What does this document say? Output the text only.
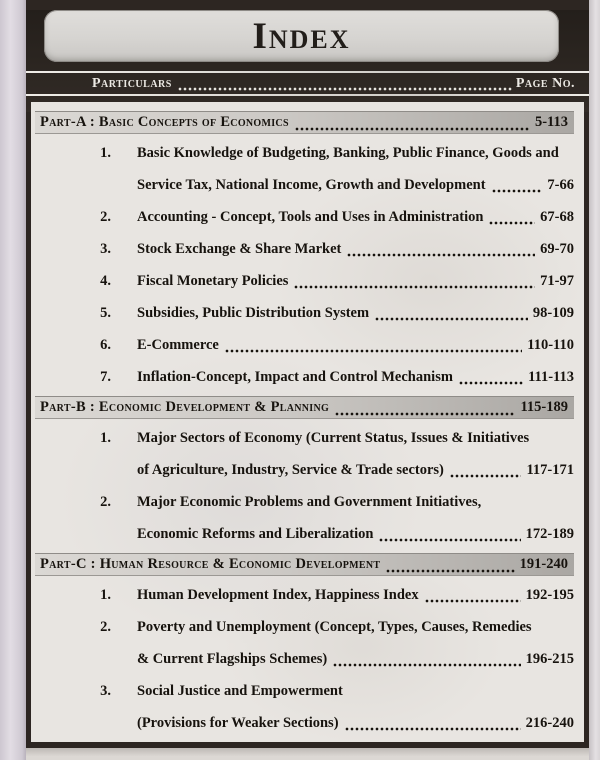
Index
Particulars	Page No.
Part-A : Basic Concepts of Economics	5-113
1. Basic Knowledge of Budgeting, Banking, Public Finance, Goods and
Service Tax, National Income, Growth and Development	7-66
2. Accounting - Concept, Tools and Uses in Administration	67-68
3. Stock Exchange & Share Market	69-70
4. Fiscal Monetary Policies	71-97
5. Subsidies, Public Distribution System	98-109
6. E-Commerce	110-110
7. Inflation-Concept, Impact and Control Mechanism	111-113
Part-B : Economic Development & Planning	115-189
1. Major Sectors of Economy (Current Status, Issues & Initiatives
of Agriculture, Industry, Service & Trade sectors)	117-171
2. Major Economic Problems and Government Initiatives,
Economic Reforms and Liberalization	172-189
Part-C : Human Resource & Economic Development	191-240
1. Human Development Index, Happiness Index	192-195
2. Poverty and Unemployment (Concept, Types, Causes, Remedies
& Current Flagships Schemes)	196-215
3. Social Justice and Empowerment
(Provisions for Weaker Sections)	216-240
